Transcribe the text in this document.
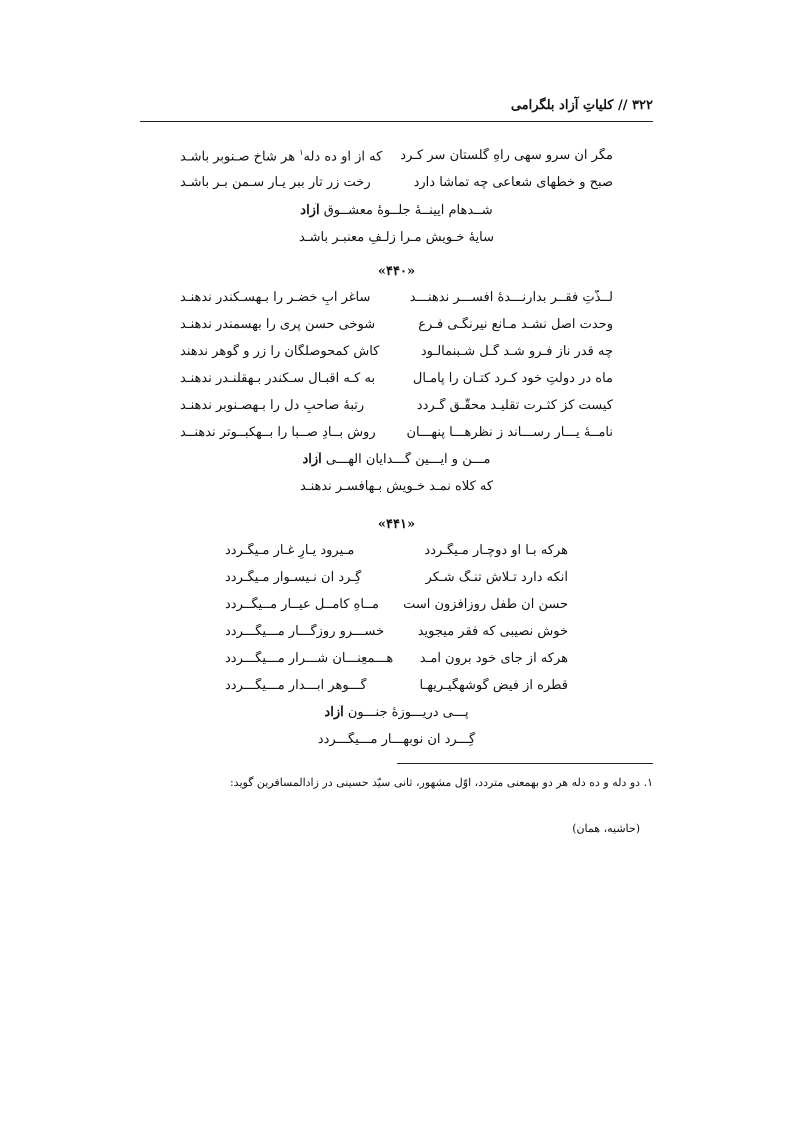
۳۲۲ // کلیاتِ آزاد بلگرامی
مگر آن سرو سهی راهِ گلستان سر کـرد
که از او ده دله$^۱$ هر شاخ صـنوبر باشـد
صبح و خطهای شعاعی چه تماشا دارد
رخت زر تار ببر یـار سـمن بـر باشـد
شــدهام آیینــهٔ جلــوهٔ معشــوق آزاد
سایهٔ خـویش مـرا زلـفِ معنبـر باشـد
«۴۴۰»
لــذّتِ فقــر بدارنـــدهٔ افســـر ندهنـــد
ساغر آبِ خضـر را بـهسـکندر ندهنـد
وحدت اصل نشـد مـانع نیرنگـی فـرع
شوخی حسن پری را بهسمندر ندهنـد
چه قدر ناز فـرو شـد گـل شـبنمآلـود
کاش کمحوصلگان را زر و گوهر ندهند
ماه در دولتِ خود کـرد کتـان را پامـال
به کـه اقبـال سـکندر بـهقلنـدر ندهنـد
کیست کز کثـرت تقلیـد محقّـق گـردد
رتبهٔ صاحبِ دل را بـهصـنوبر ندهنـد
نامــهٔ یـــار رســـاند ز نظرهـــا پنهـــان
روش بــادِ صــبا را بــهکبــوتر ندهنــد
مـــن و آیـــین گـــدایان الهـــی آزاد
که کلاه نمـد خـویش بـهافسـر ندهنـد
«۴۴۱»
هرکه بـا او دوچـار مـیگـردد
مـیرود یـارِ غـار مـیگـردد
آنکه دارد تـلاش تنـگ شـکر
گِـرد آن نـیسـوار مـیگـردد
حسن آن طفل روزافزون است
مــاهِ کامــل عیــار مــیگــردد
خوش نصیبی که فقر میجوید
خســـرو روزگـــار مـــیگـــردد
هرکه از جای خود برون آمـد
هـــمعِنـــان شـــرار مـــیگـــردد
قطره از فیض گوشهگیـریهـا
گـــوهر آبـــدار مـــیگـــردد
پـــی دریـــوزهٔ جنـــون آزاد
گِـــرد آن نوبهـــار مـــیگـــردد
۱. دو دله و ده دله هر دو بهمعنی متردد، اوّل مشهور، ثانی سیّد حسینی در زادالمسافرین گوید:
(حاشیه، همان)
